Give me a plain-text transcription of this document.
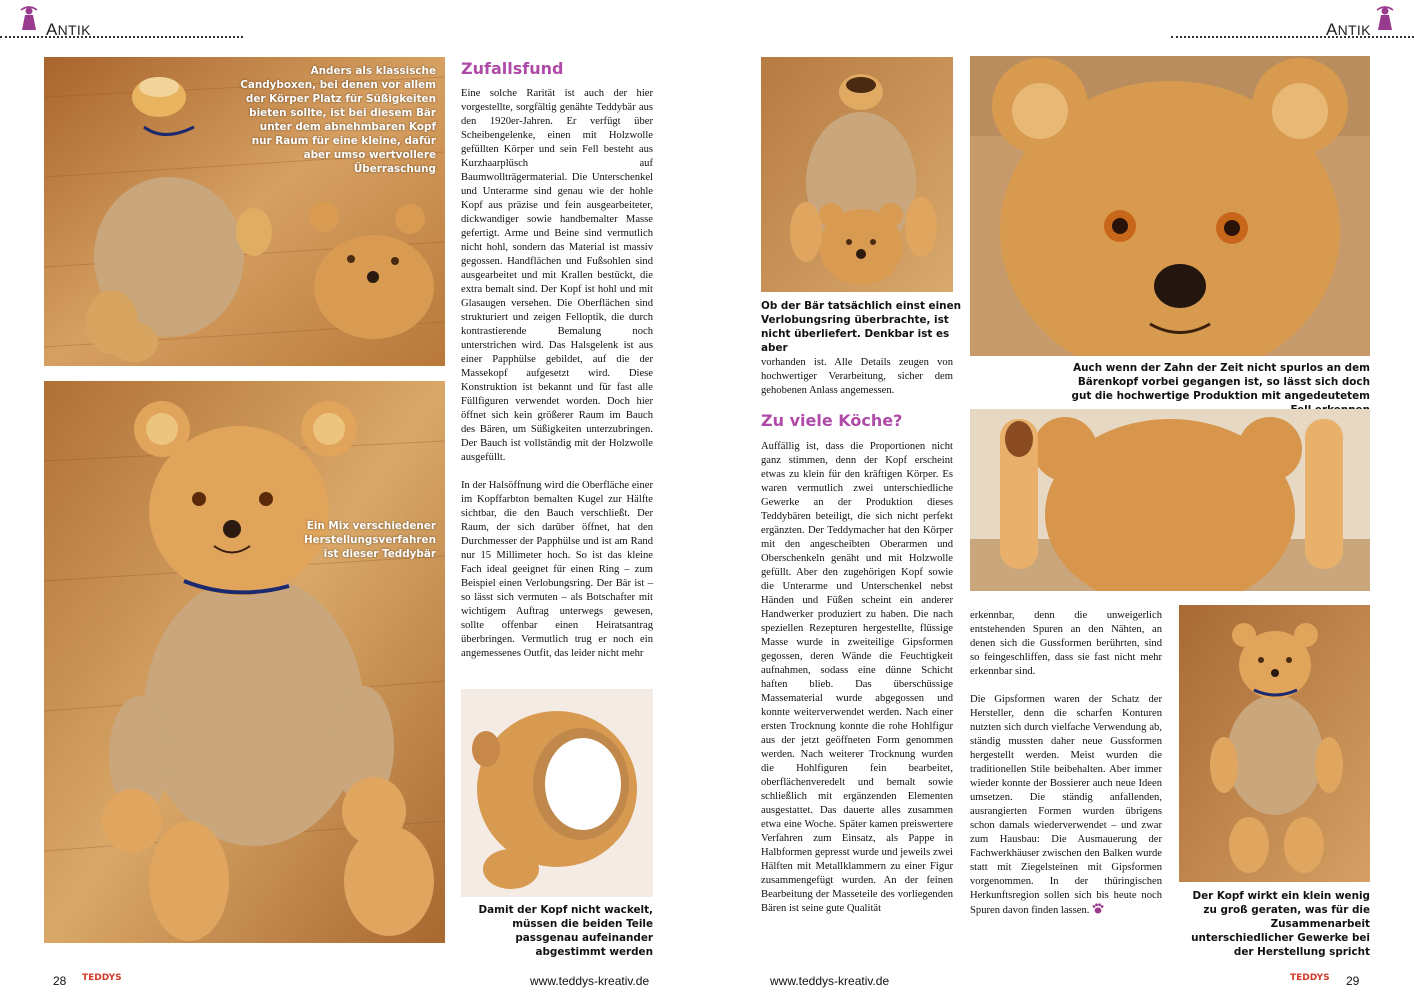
ANTIK	ANTIK
Anders als klassische Candyboxen, bei denen vor allem der Körper Platz für Süßigkeiten bieten sollte, ist bei diesem Bär unter dem abnehmbaren Kopf nur Raum für eine kleine, dafür aber umso wertvollere Überraschung
Ein Mix verschiedener Herstellungsverfahren ist dieser Teddybär
Zufallsfund

Eine solche Rarität ist auch der hier vorgestellte, sorgfältig genähte Teddybär aus den 1920er-Jahren. Er verfügt über Scheibengelenke, einen mit Holzwolle gefüllten Körper und sein Fell besteht aus Kurzhaarplüsch auf Baumwollträgermaterial. Die Unterschenkel und Unterarme sind genau wie der hohle Kopf aus präzise und fein ausgearbeiteter, dickwandiger sowie handbemalter Masse gefertigt. Arme und Beine sind vermutlich nicht hohl, sondern das Material ist massiv gegossen. Handflächen und Fußsohlen sind ausgearbeitet und mit Krallen bestückt, die extra bemalt sind. Der Kopf ist hohl und mit Glasaugen versehen. Die Oberflächen sind strukturiert und zeigen Felloptik, die durch kontrastierende Bemalung noch unterstrichen wird. Das Halsgelenk ist aus einer Papphülse gebildet, auf die der Massekopf aufgesetzt wird. Diese Konstruktion ist bekannt und für fast alle Füllfiguren verwendet worden. Doch hier öffnet sich kein größerer Raum im Bauch des Bären, um Süßigkeiten unterzubringen. Der Bauch ist vollständig mit der Holzwolle ausgefüllt.

In der Halsöffnung wird die Oberfläche einer im Kopffarbton bemalten Kugel zur Hälfte sichtbar, die den Bauch verschließt. Der Raum, der sich darüber öffnet, hat den Durchmesser der Papphülse und ist am Rand nur 15 Millimeter hoch. So ist das kleine Fach ideal geeignet für einen Ring – zum Beispiel einen Verlobungsring. Der Bär ist – so lässt sich vermuten – als Botschafter mit wichtigem Auftrag unterwegs gewesen, sollte offenbar einen Heiratsantrag überbringen. Vermutlich trug er noch ein angemessenes Outfit, das leider nicht mehr

Damit der Kopf nicht wackelt, müssen die beiden Teile passgenau aufeinander abgestimmt werden
28 TEDDYS	www.teddys-kreativ.de
Ob der Bär tatsächlich einst einen Verlobungsring überbrachte, ist nicht überliefert. Denkbar ist es aber
Auch wenn der Zahn der Zeit nicht spurlos an dem Bärenkopf vorbei gegangen ist, so lässt sich doch gut die hochwertige Produktion mit angedeutetem
Der Kopf wirkt ein klein wenig zu groß geraten, was für die Zusammenarbeit unterschiedlicher Gewerke bei der Herstellung spricht

vorhanden ist. Alle Details zeugen von hochwertiger Verarbeitung, sicher dem gehobenen Anlass angemessen.

Zu viele Köche?

Auffällig ist, dass die Proportionen nicht ganz stimmen, denn der Kopf erscheint etwas zu klein für den kräftigen Körper. Es waren vermutlich zwei unterschiedliche Gewerke an der Produktion dieses Teddybären beteiligt, die sich nicht perfekt ergänzten. Der Teddymacher hat den Körper mit den angescheibten Oberarmen und Oberschenkeln genäht und mit Holzwolle gefüllt. Aber den zugehörigen Kopf sowie die Unterarme und Unterschenkel nebst Händen und Füßen scheint ein anderer Handwerker produziert zu haben. Die nach speziellen Rezepturen hergestellte, flüssige Masse wurde in zweiteilige Gipsformen gegossen, deren Wände die Feuchtigkeit aufnahmen, sodass eine dünne Schicht haften blieb. Das überschüssige Massematerial wurde abgegossen und konnte weiterverwendet werden. Nach einer ersten Trocknung konnte die rohe Hohlfigur aus der jetzt geöffneten Form genommen werden. Nach weiterer Trocknung wurden die Hohlfiguren fein bearbeitet, oberflächenveredelt und bemalt sowie schließlich mit ergänzenden Elementen ausgestattet. Das dauerte alles zusammen etwa eine Woche. Später kamen preiswertere Verfahren zum Einsatz, als Pappe in Halbformen gepresst wurde und jeweils zwei Hälften mit Metallklammern zu einer Figur zusammengefügt wurden. An der feinen Bearbeitung der Masseteile des vorliegenden Bären ist seine gute Qualität

erkennbar, denn die unweigerlich entstehenden Spuren an den Nähten, an denen sich die Gussformen berührten, sind so feingeschliffen, dass sie fast nicht mehr erkennbar sind.

Die Gipsformen waren der Schatz der Hersteller, denn die scharfen Konturen nutzten sich durch vielfache Verwendung ab, ständig mussten daher neue Gussformen hergestellt werden. Meist wurden die traditionellen Stile beibehalten. Aber immer wieder konnte der Bossierer auch neue Ideen umsetzen. Die ständig anfallenden, ausrangierten Formen wurden übrigens schon damals wiederverwendet – und zwar zum Hausbau: Die Ausmauerung der Fachwerkhäuser zwischen den Balken wurde statt mit Ziegelsteinen mit Gipsformen vorgenommen. In der thüringischen Herkunftsregion sollen sich bis heute noch Spuren davon finden lassen.

www.teddys-kreativ.de	TEDDYS 29
